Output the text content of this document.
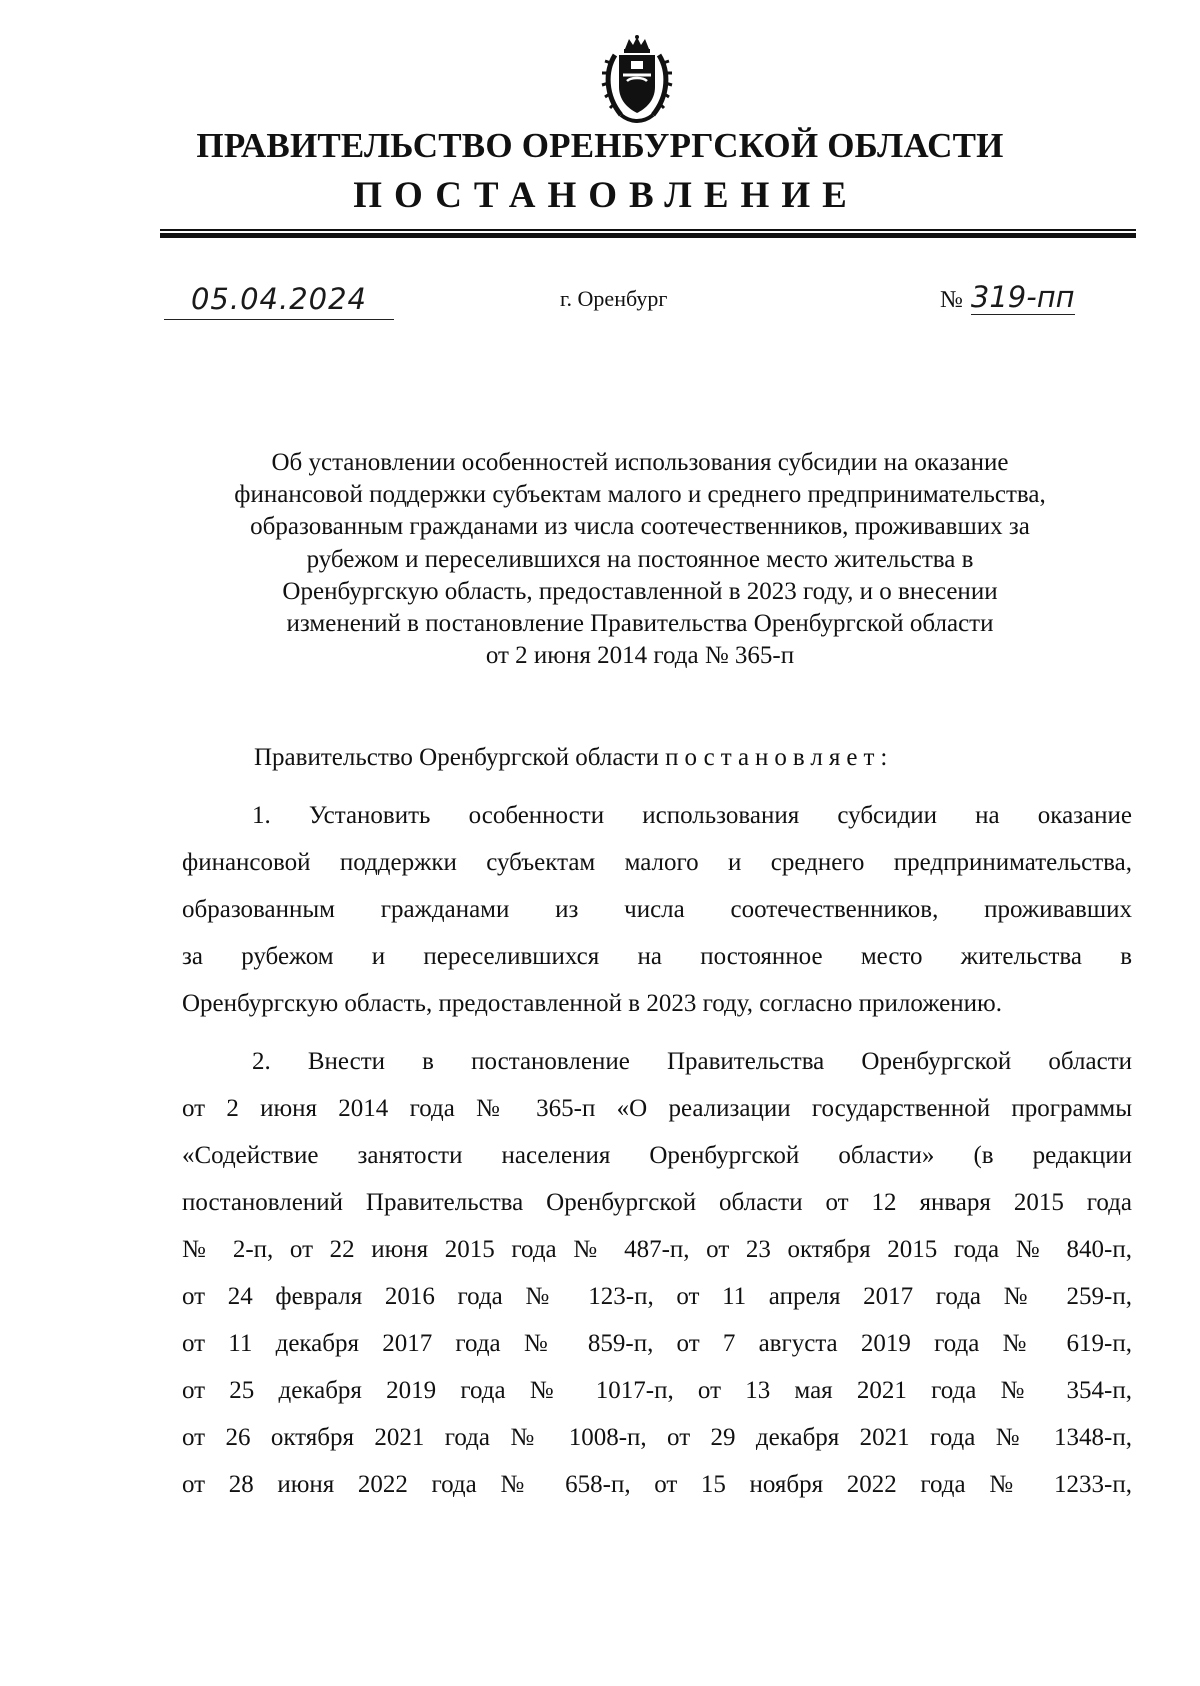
ПРАВИТЕЛЬСТВО ОРЕНБУРГСКОЙ ОБЛАСТИ
ПОСТАНОВЛЕНИЕ
05.04.2024	г. Оренбург	№ 319-пп
Об установлении особенностей использования субсидии на оказание
финансовой поддержки субъектам малого и среднего предпринимательства,
образованным гражданами из числа соотечественников, проживавших за
рубежом и переселившихся на постоянное место жительства в
Оренбургскую область, предоставленной в 2023 году, и о внесении
изменений в постановление Правительства Оренбургской области
от 2 июня 2014 года № 365-п
Правительство Оренбургской области постановляет:
1. Установить особенности использования субсидии на оказание
финансовой поддержки субъектам малого и среднего предпринимательства,
образованным гражданами из числа соотечественников, проживавших
за рубежом и переселившихся на постоянное место жительства в
Оренбургскую область, предоставленной в 2023 году, согласно приложению.
2. Внести в постановление Правительства Оренбургской области
от 2 июня 2014 года № 365-п «О реализации государственной программы
«Содействие занятости населения Оренбургской области» (в редакции
постановлений Правительства Оренбургской области от 12 января 2015 года
№ 2-п, от 22 июня 2015 года № 487-п, от 23 октября 2015 года № 840-п,
от 24 февраля 2016 года № 123-п, от 11 апреля 2017 года № 259-п,
от 11 декабря 2017 года № 859-п, от 7 августа 2019 года № 619-п,
от 25 декабря 2019 года № 1017-п, от 13 мая 2021 года № 354-п,
от 26 октября 2021 года № 1008-п, от 29 декабря 2021 года № 1348-п,
от 28 июня 2022 года № 658-п, от 15 ноября 2022 года № 1233-п,
